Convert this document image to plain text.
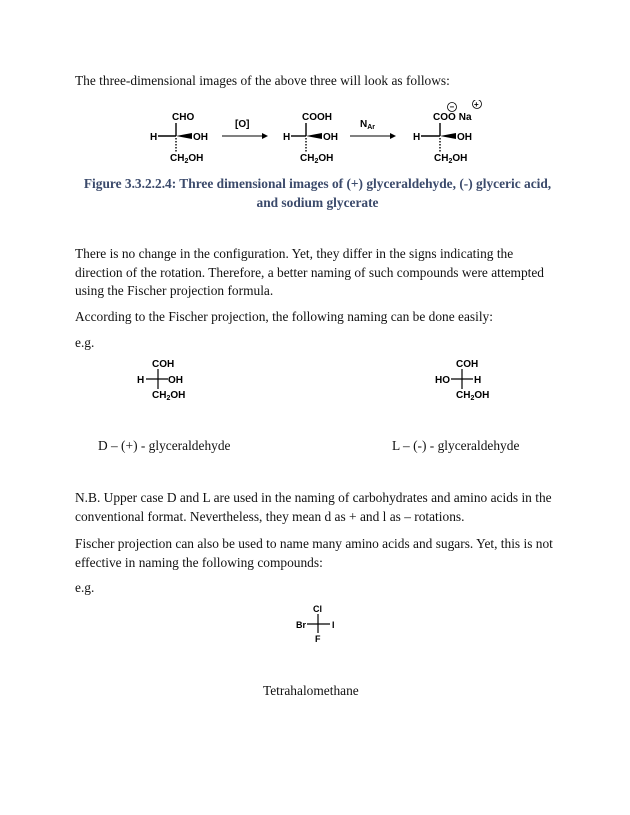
The three-dimensional images of the above three will look as follows:

CHO
H	OH
$CH_2OH$
[O]
COOH
H	OH
$CH_2OH$
$N_{Ar}$
− +
COO Na
H	OH
$CH_2OH$

Figure 3.3.2.2.4: Three dimensional images of (+) glyceraldehyde, (-) glyceric acid, and sodium glycerate

There is no change in the configuration. Yet, they differ in the signs indicating the direction of the rotation. Therefore, a better naming of such compounds were attempted using the Fischer projection formula.

According to the Fischer projection, the following naming can be done easily:

e.g.

COH
H OH
$CH_2OH$
COH
HO H
$CH_2OH$

D – (+) - glyceraldehyde	L – (-) - glyceraldehyde

N.B. Upper case D and L are used in the naming of carbohydrates and amino acids in the conventional format. Nevertheless, they mean d as + and l as – rotations.

Fischer projection can also be used to name many amino acids and sugars. Yet, this is not effective in naming the following compounds:

e.g.

Cl
Br	I
F

Tetrahalomethane
